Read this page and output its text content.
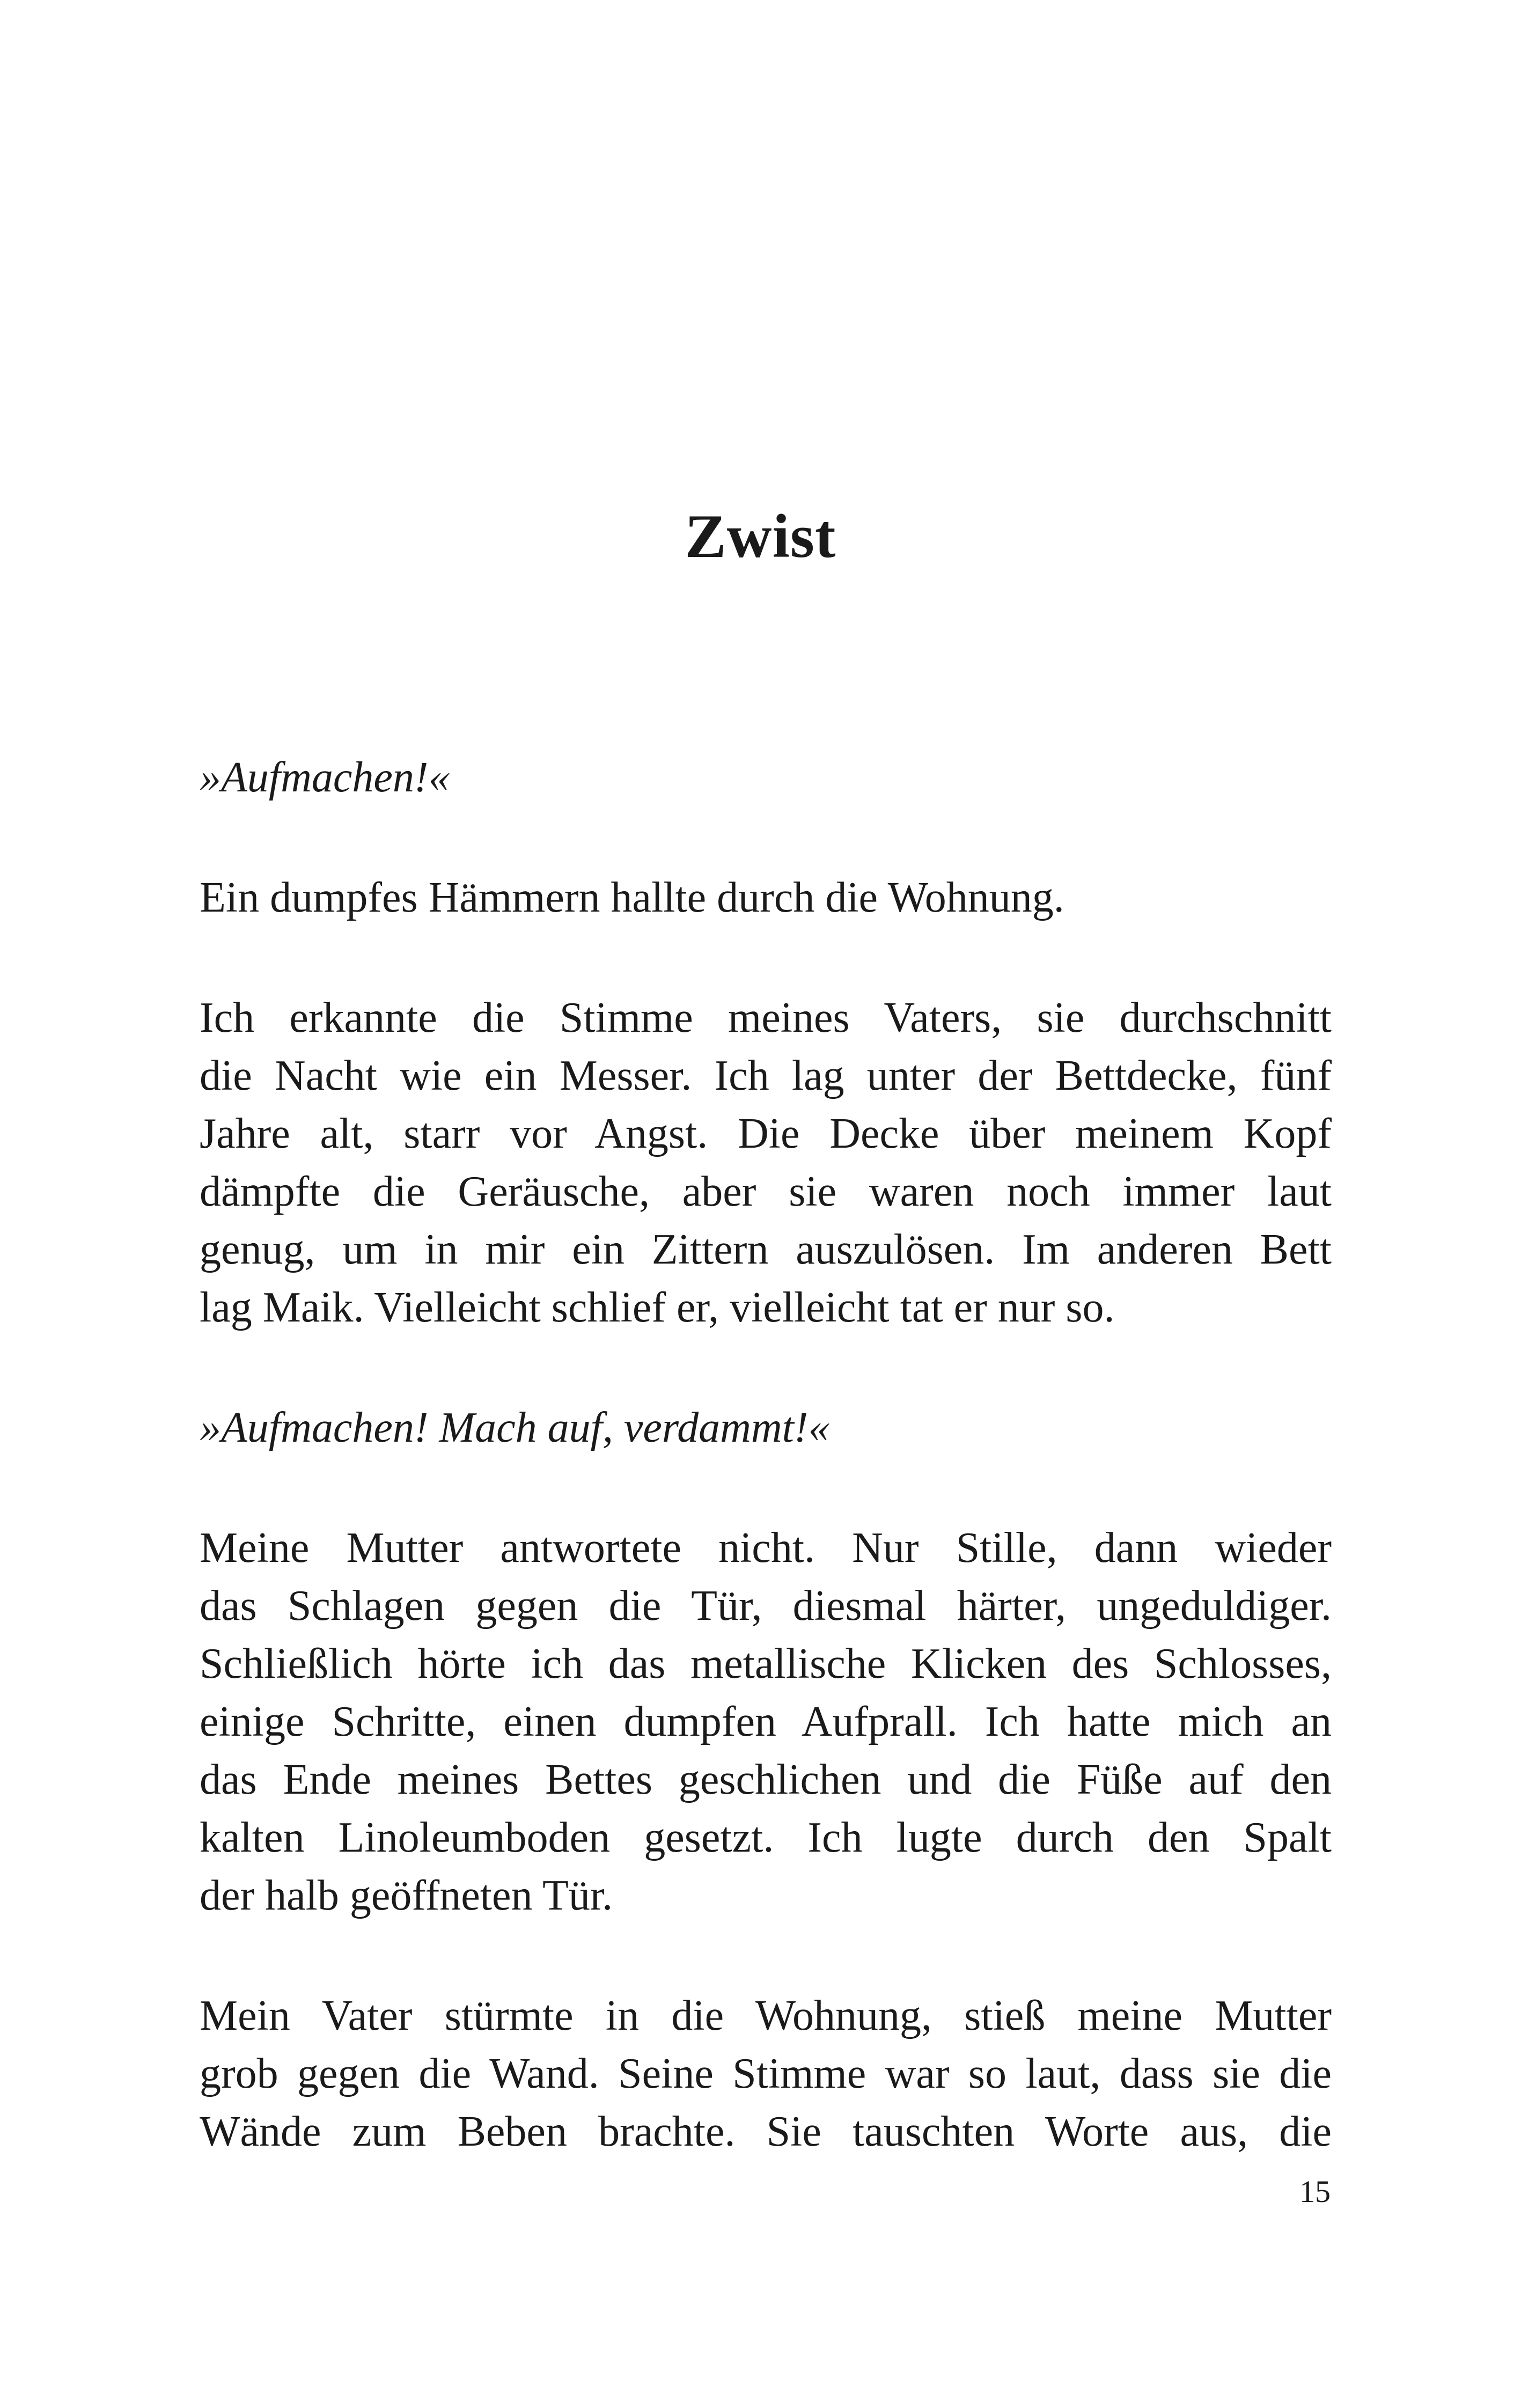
Zwist

»Aufmachen!«

Ein dumpfes Hämmern hallte durch die Wohnung.

Ich erkannte die Stimme meines Vaters, sie durchschnitt
die Nacht wie ein Messer. Ich lag unter der Bettdecke, fünf
Jahre alt, starr vor Angst. Die Decke über meinem Kopf
dämpfte die Geräusche, aber sie waren noch immer laut
genug, um in mir ein Zittern auszulösen. Im anderen Bett
lag Maik. Vielleicht schlief er, vielleicht tat er nur so.

»Aufmachen! Mach auf, verdammt!«

Meine Mutter antwortete nicht. Nur Stille, dann wieder
das Schlagen gegen die Tür, diesmal härter, ungeduldiger.
Schließlich hörte ich das metallische Klicken des Schlosses,
einige Schritte, einen dumpfen Aufprall. Ich hatte mich an
das Ende meines Bettes geschlichen und die Füße auf den
kalten Linoleumboden gesetzt. Ich lugte durch den Spalt
der halb geöffneten Tür.

Mein Vater stürmte in die Wohnung, stieß meine Mutter
grob gegen die Wand. Seine Stimme war so laut, dass sie die
Wände zum Beben brachte. Sie tauschten Worte aus, die

15
